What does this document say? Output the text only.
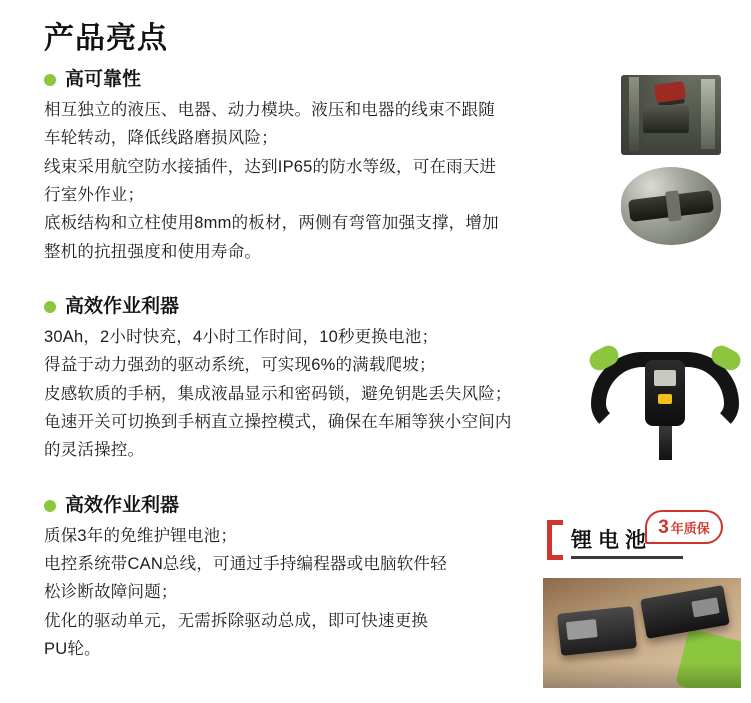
产品亮点
高可靠性

相互独立的液压、电器、动力模块。液压和电器的线束不跟随

车轮转动，降低线路磨损风险；

线束采用航空防水接插件，达到IP65的防水等级，可在雨天进

行室外作业；

底板结构和立柱使用8mm的板材，两侧有弯管加强支撑，增加

整机的抗扭强度和使用寿命。

高效作业利器

30Ah，2小时快充，4小时工作时间，10秒更换电池；

得益于动力强劲的驱动系统，可实现6%的满载爬坡；

皮感软质的手柄，集成液晶显示和密码锁，避免钥匙丢失风险；

龟速开关可切换到手柄直立操控模式，确保在车厢等狭小空间内

的灵活操控。

高效作业利器

质保3年的免维护锂电池；

电控系统带CAN总线，可通过手持编程器或电脑软件轻

松诊断故障问题；

优化的驱动单元，无需拆除驱动总成，即可快速更换

PU轮。

锂电池
3 年质保
